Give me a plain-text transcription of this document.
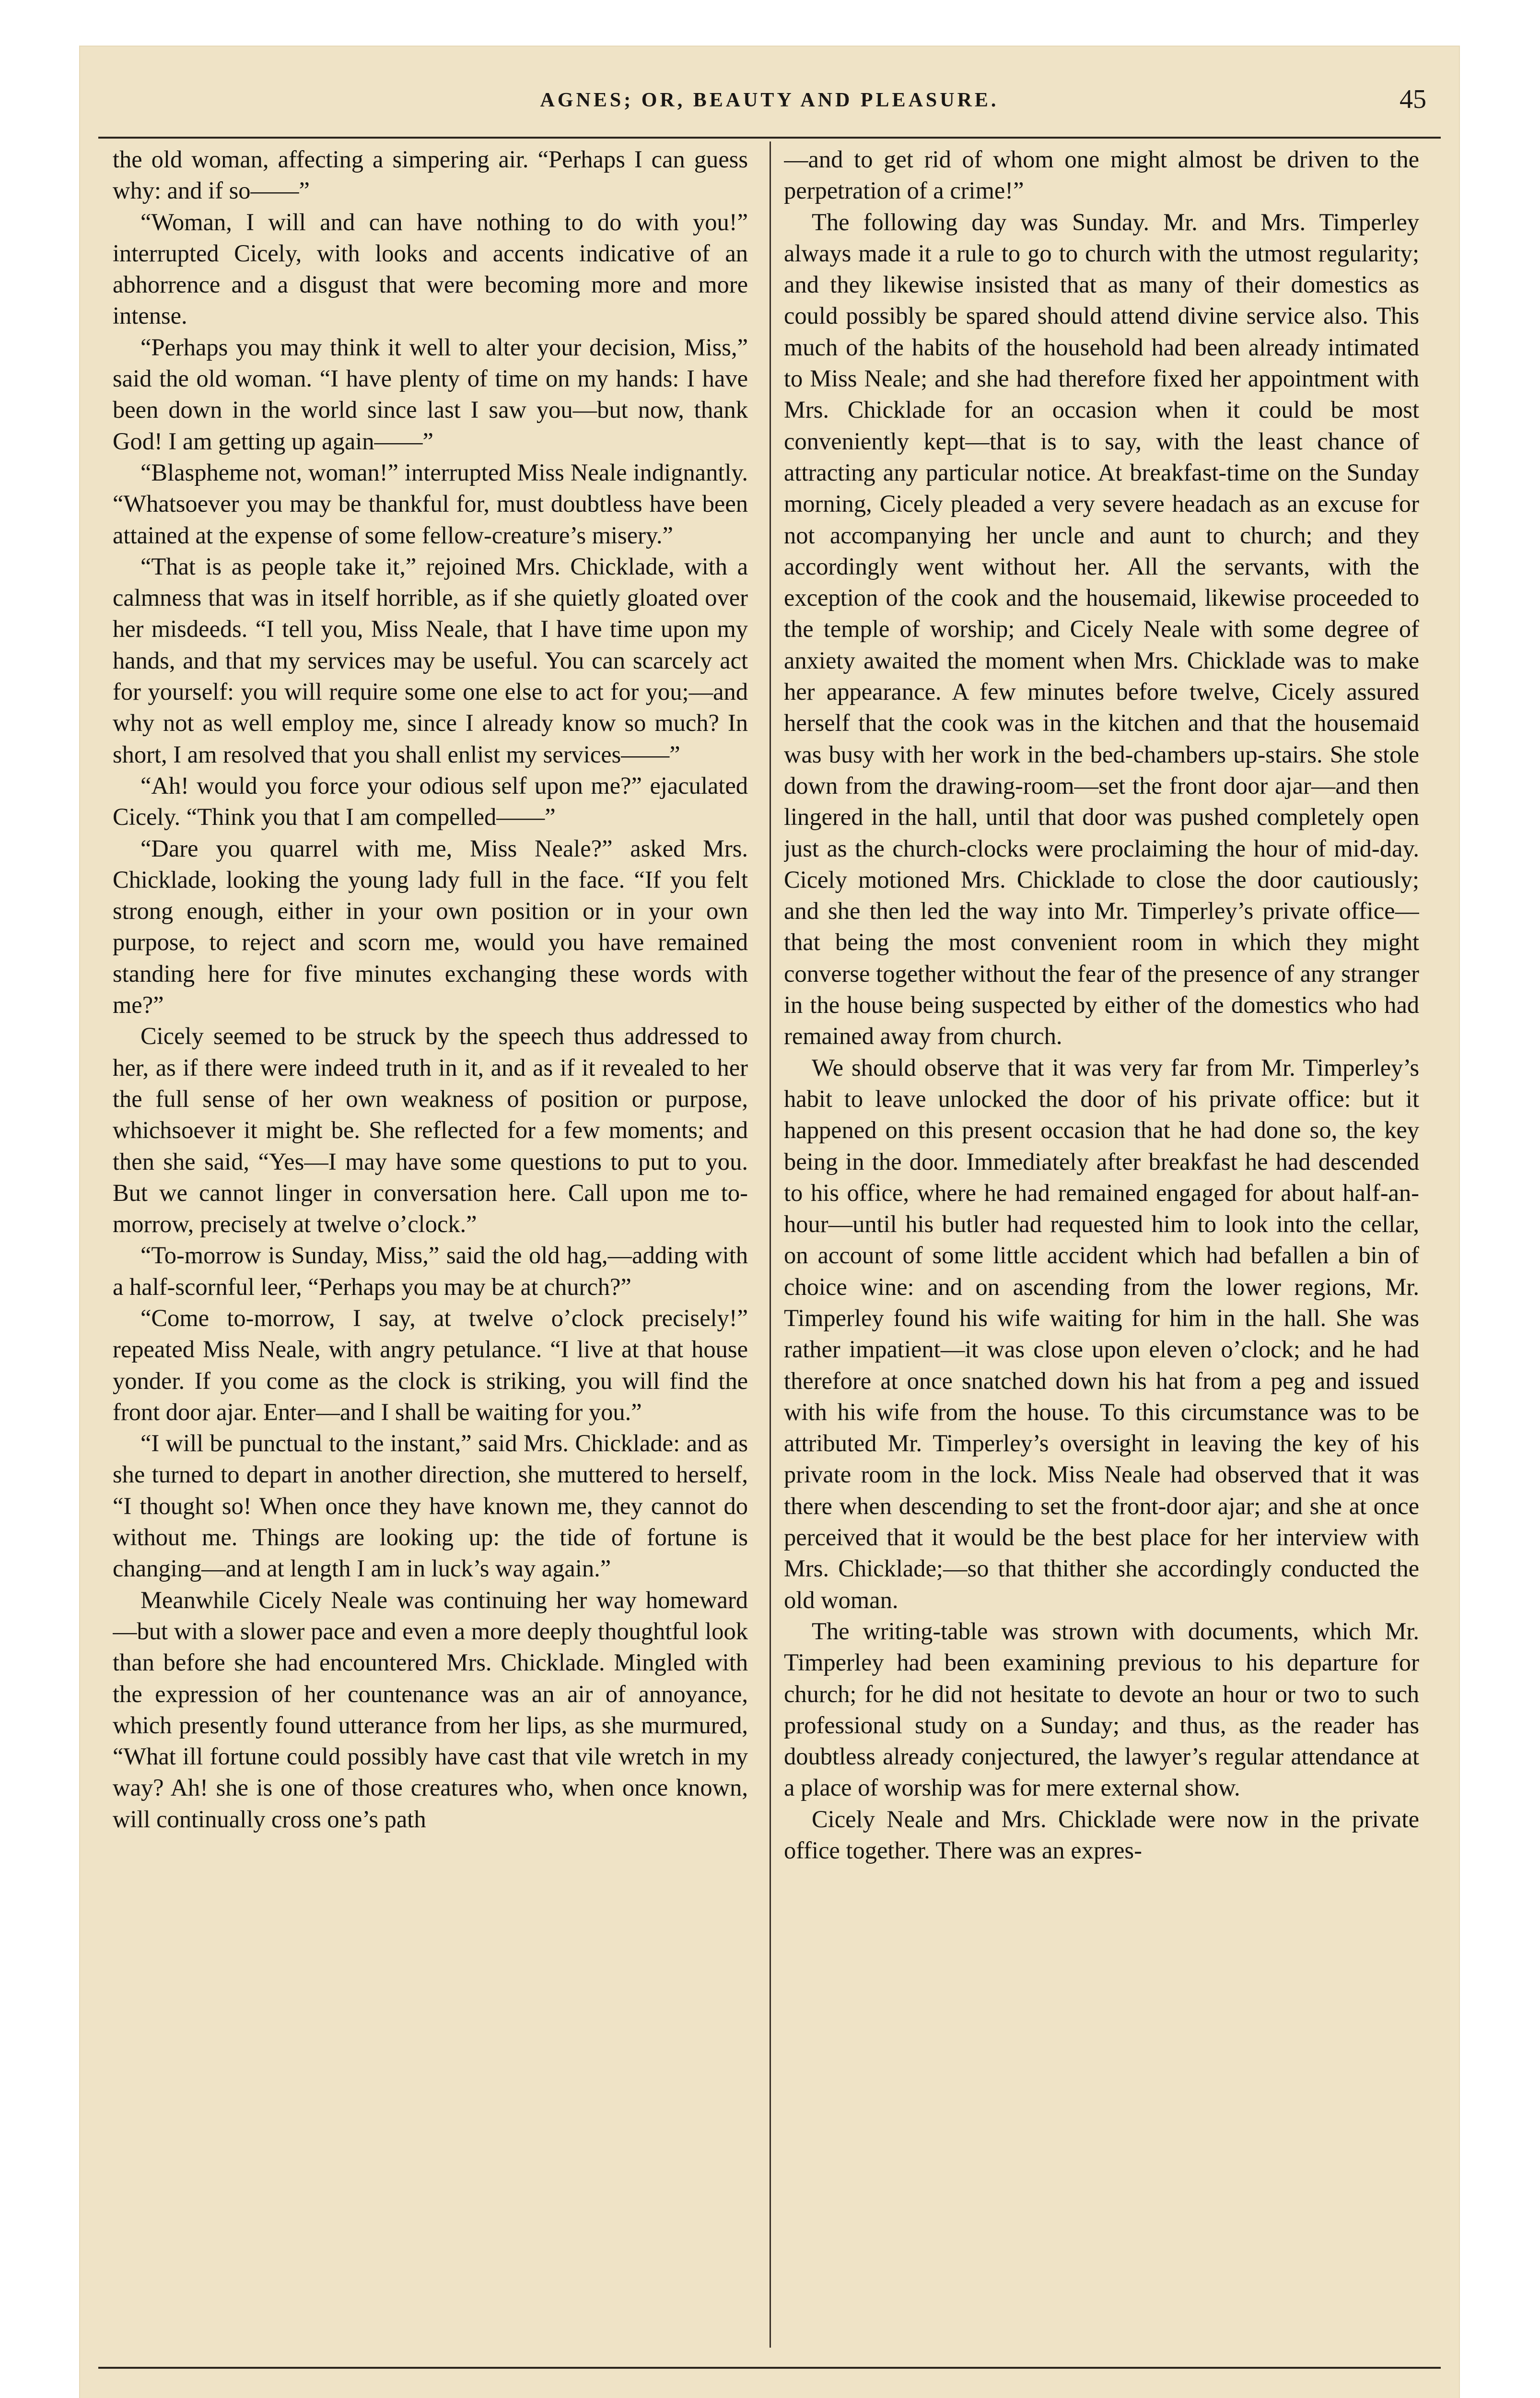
AGNES; OR, BEAUTY AND PLEASURE.	45

the old woman, affecting a simpering air. “Perhaps I can guess why: and if so——”

“Woman, I will and can have nothing to do with you!” interrupted Cicely, with looks and accents indicative of an abhorrence and a disgust that were becoming more and more intense.

“Perhaps you may think it well to alter your decision, Miss,” said the old woman. “I have plenty of time on my hands: I have been down in the world since last I saw you—but now, thank God! I am getting up again——”

“Blaspheme not, woman!” interrupted Miss Neale indignantly. “Whatsoever you may be thankful for, must doubtless have been attained at the expense of some fellow-creature’s misery.”

“That is as people take it,” rejoined Mrs. Chicklade, with a calmness that was in itself horrible, as if she quietly gloated over her misdeeds. “I tell you, Miss Neale, that I have time upon my hands, and that my services may be useful. You can scarcely act for yourself: you will require some one else to act for you;—and why not as well employ me, since I already know so much? In short, I am resolved that you shall enlist my services——”

“Ah! would you force your odious self upon me?” ejaculated Cicely. “Think you that I am compelled——”

“Dare you quarrel with me, Miss Neale?” asked Mrs. Chicklade, looking the young lady full in the face. “If you felt strong enough, either in your own position or in your own purpose, to reject and scorn me, would you have remained standing here for five minutes exchanging these words with me?”

Cicely seemed to be struck by the speech thus addressed to her, as if there were indeed truth in it, and as if it revealed to her the full sense of her own weakness of position or purpose, whichsoever it might be. She reflected for a few moments; and then she said, “Yes—I may have some questions to put to you. But we cannot linger in conversation here. Call upon me to-morrow, precisely at twelve o’clock.”

“To-morrow is Sunday, Miss,” said the old hag,—adding with a half-scornful leer, “Perhaps you may be at church?”

“Come to-morrow, I say, at twelve o’clock precisely!” repeated Miss Neale, with angry petulance. “I live at that house yonder. If you come as the clock is striking, you will find the front door ajar. Enter—and I shall be waiting for you.”

“I will be punctual to the instant,” said Mrs. Chicklade: and as she turned to depart in another direction, she muttered to herself, “I thought so! When once they have known me, they cannot do without me. Things are looking up: the tide of fortune is changing—and at length I am in luck’s way again.”

Meanwhile Cicely Neale was continuing her way homeward—but with a slower pace and even a more deeply thoughtful look than before she had encountered Mrs. Chicklade. Mingled with the expression of her countenance was an air of annoyance, which presently found utterance from her lips, as she murmured, “What ill fortune could possibly have cast that vile wretch in my way? Ah! she is one of those creatures who, when once known, will continually cross one’s path

—and to get rid of whom one might almost be driven to the perpetration of a crime!”

The following day was Sunday. Mr. and Mrs. Timperley always made it a rule to go to church with the utmost regularity; and they likewise insisted that as many of their domestics as could possibly be spared should attend divine service also. This much of the habits of the household had been already intimated to Miss Neale; and she had therefore fixed her appointment with Mrs. Chicklade for an occasion when it could be most conveniently kept—that is to say, with the least chance of attracting any particular notice. At breakfast-time on the Sunday morning, Cicely pleaded a very severe headach as an excuse for not accompanying her uncle and aunt to church; and they accordingly went without her. All the servants, with the exception of the cook and the housemaid, likewise proceeded to the temple of worship; and Cicely Neale with some degree of anxiety awaited the moment when Mrs. Chicklade was to make her appearance. A few minutes before twelve, Cicely assured herself that the cook was in the kitchen and that the housemaid was busy with her work in the bed-chambers up-stairs. She stole down from the drawing-room—set the front door ajar—and then lingered in the hall, until that door was pushed completely open just as the church-clocks were proclaiming the hour of mid-day. Cicely motioned Mrs. Chicklade to close the door cautiously; and she then led the way into Mr. Timperley’s private office—that being the most convenient room in which they might converse together without the fear of the presence of any stranger in the house being suspected by either of the domestics who had remained away from church.

We should observe that it was very far from Mr. Timperley’s habit to leave unlocked the door of his private office: but it happened on this present occasion that he had done so, the key being in the door. Immediately after breakfast he had descended to his office, where he had remained engaged for about half-an-hour—until his butler had requested him to look into the cellar, on account of some little accident which had befallen a bin of choice wine: and on ascending from the lower regions, Mr. Timperley found his wife waiting for him in the hall. She was rather impatient—it was close upon eleven o’clock; and he had therefore at once snatched down his hat from a peg and issued with his wife from the house. To this circumstance was to be attributed Mr. Timperley’s oversight in leaving the key of his private room in the lock. Miss Neale had observed that it was there when descending to set the front-door ajar; and she at once perceived that it would be the best place for her interview with Mrs. Chicklade;—so that thither she accordingly conducted the old woman.

The writing-table was strown with documents, which Mr. Timperley had been examining previous to his departure for church; for he did not hesitate to devote an hour or two to such professional study on a Sunday; and thus, as the reader has doubtless already conjectured, the lawyer’s regular attendance at a place of worship was for mere external show.

Cicely Neale and Mrs. Chicklade were now in the private office together. There was an expres-
